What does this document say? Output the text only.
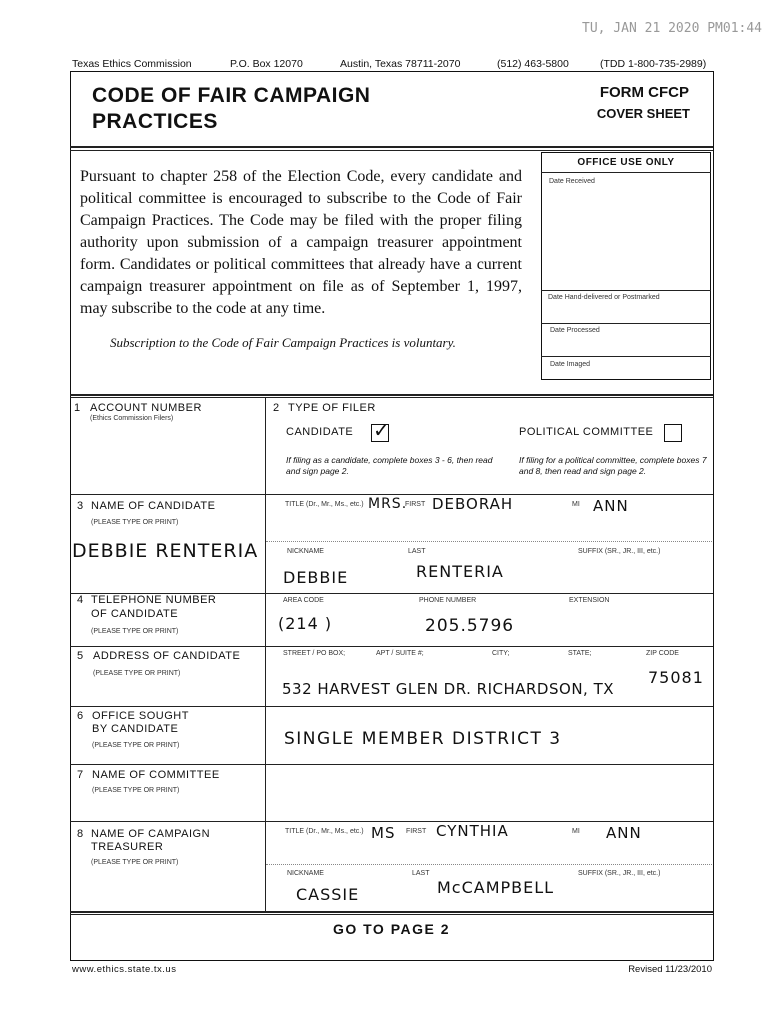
TU, JAN 21 2020 PM01:44
Texas Ethics Commission	P.O. Box 12070	Austin, Texas 78711-2070	(512) 463-5800	(TDD 1-800-735-2989)
CODE OF FAIR CAMPAIGN
PRACTICES
FORM CFCP
COVER SHEET
Pursuant to chapter 258 of the Election Code, every candidate and political committee is encouraged to subscribe to the Code of Fair Campaign Practices. The Code may be filed with the proper filing authority upon submission of a campaign treasurer appointment form. Candidates or political committees that already have a current campaign treasurer appointment on file as of September 1, 1997, may subscribe to the code at any time.
Subscription to the Code of Fair Campaign Practices is voluntary.
OFFICE USE ONLY
Date Received
Date Hand-delivered or Postmarked
Date Processed
Date Imaged
1 ACCOUNT NUMBER
(Ethics Commission Filers)
2 TYPE OF FILER
CANDIDATE ✓	POLITICAL COMMITTEE
If filing as a candidate, complete boxes 3 - 6, then read and sign page 2.
If filing for a political committee, complete boxes 7 and 8, then read and sign page 2.
3 NAME OF CANDIDATE
(PLEASE TYPE OR PRINT)
DEBBIE RENTERIA
TITLE (Dr., Mr., Ms., etc.) MRS.
FIRST DEBORAH	MI ANN
NICKNAME	LAST	SUFFIX (SR., JR., III, etc.)
DEBBIE	RENTERIA
4 TELEPHONE NUMBER
OF CANDIDATE
(PLEASE TYPE OR PRINT)
AREA CODE	PHONE NUMBER	EXTENSION
(214 )	205.5796
5 ADDRESS OF CANDIDATE
(PLEASE TYPE OR PRINT)
STREET / PO BOX;	APT / SUITE #;	CITY;	STATE;	ZIP CODE
532 HARVEST GLEN DR. RICHARDSON, TX
75081
6 OFFICE SOUGHT
BY CANDIDATE
(PLEASE TYPE OR PRINT)	SINGLE MEMBER DISTRICT 3
7 NAME OF COMMITTEE
(PLEASE TYPE OR PRINT)
8 NAME OF CAMPAIGN
TREASURER
(PLEASE TYPE OR PRINT)
TITLE (Dr., Mr., Ms., etc.) MS FIRST CYNTHIA	MI ANN
NICKNAME	LAST	SUFFIX (SR., JR., III, etc.)
CASSIE	McCAMPBELL
GO TO PAGE 2
www.ethics.state.tx.us	Revised 11/23/2010
